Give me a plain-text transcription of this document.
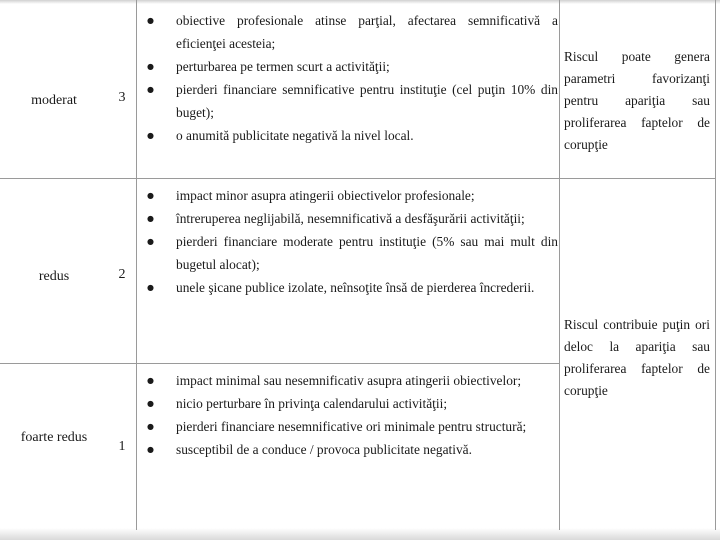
moderat	3
● obiective profesionale atinse parţial, afectarea semnificativă a eficienţei acesteia;
● perturbarea pe termen scurt a activităţii;
● pierderi financiare semnificative pentru instituţie (cel puţin 10% din buget);
● o anumită publicitate negativă la nivel local.
Riscul poate genera parametri favorizanţi pentru apariţia sau proliferarea faptelor de corupţie
redus	2
● impact minor asupra atingerii obiectivelor profesionale;
● întreruperea neglijabilă, nesemnificativă a desfăşurării activităţii;
● pierderi financiare moderate pentru instituţie (5% sau mai mult din bugetul alocat);
● unele şicane publice izolate, neînsoţite însă de pierderea încrederii.
foarte redus
1
● impact minimal sau nesemnificativ asupra atingerii obiectivelor;
● nicio perturbare în privinţa calendarului activităţii;
● pierderi financiare nesemnificative ori minimale pentru structură;
● susceptibil de a conduce / provoca publicitate negativă.
Riscul contribuie puţin ori deloc la apariţia sau proliferarea faptelor de corupţie
